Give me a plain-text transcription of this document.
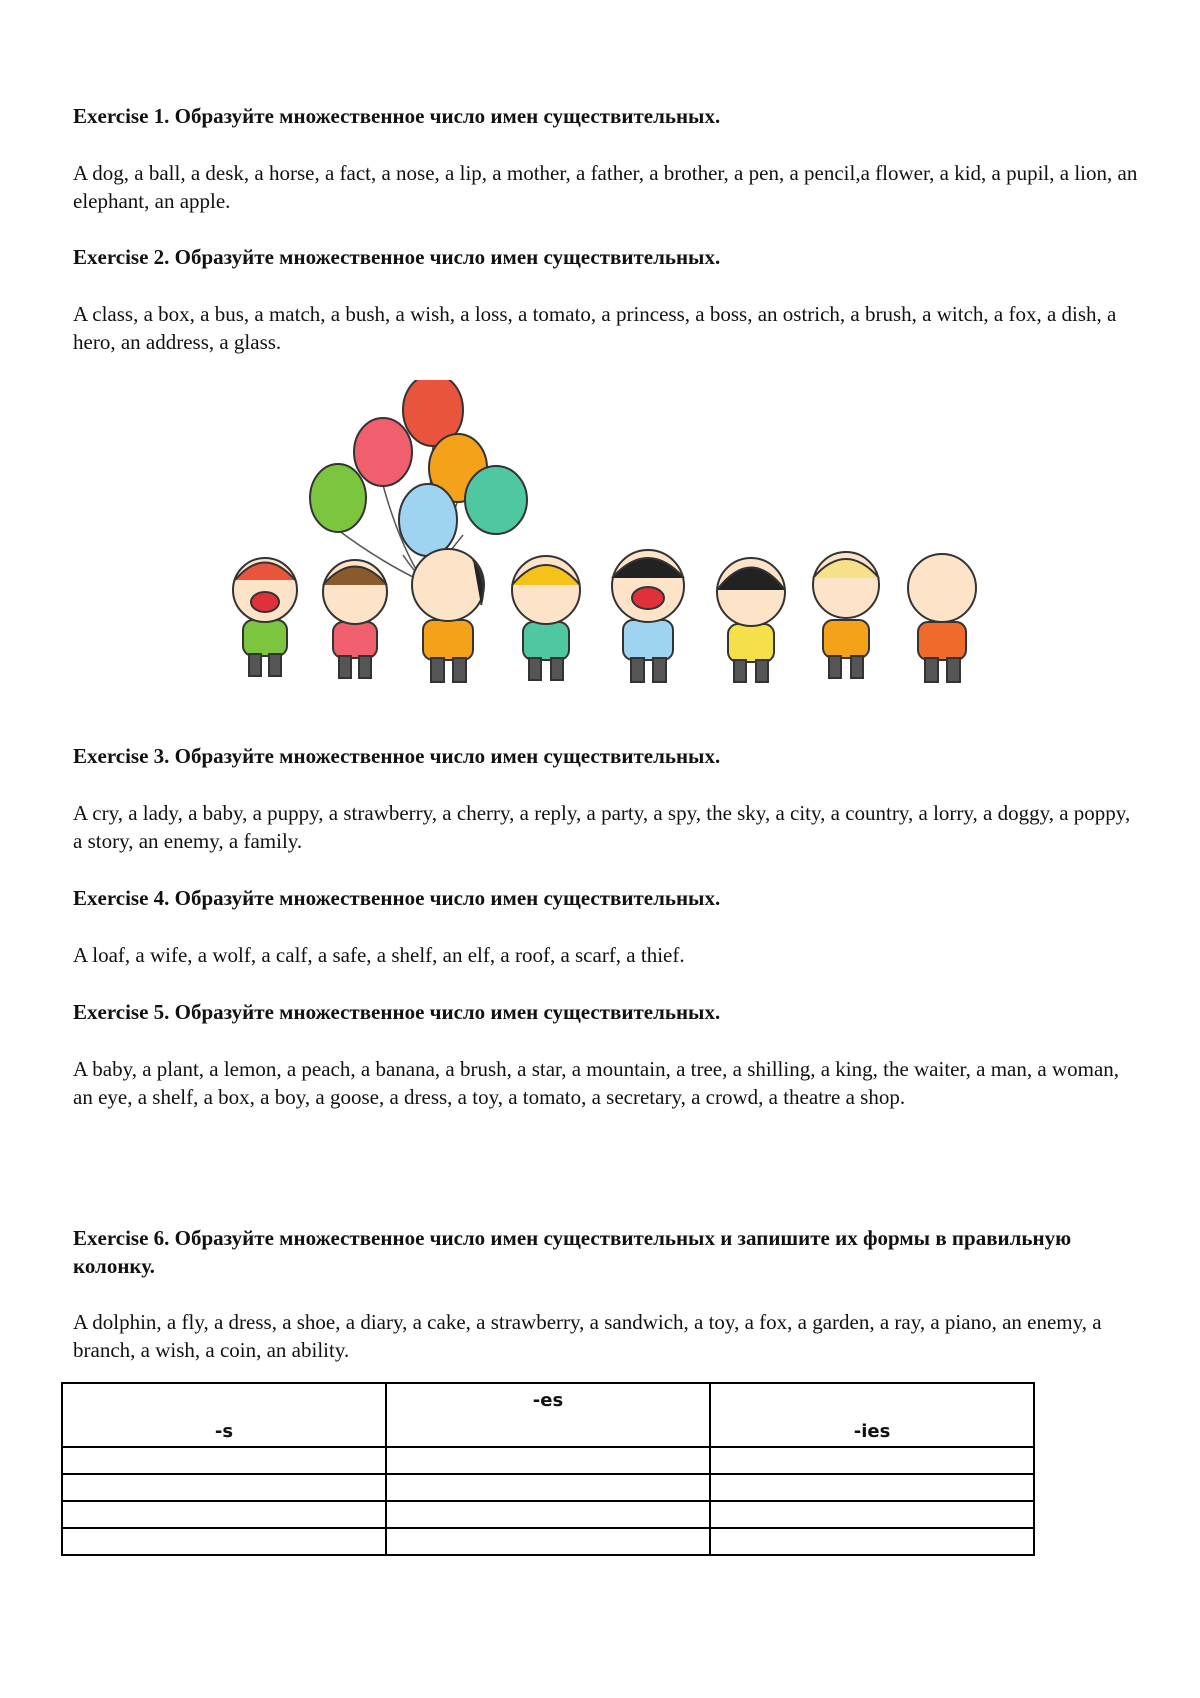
Exercise 1. Образуйте множественное число имен существительных.

A dog, a ball, a desk, a horse, a fact, a nose, a lip, a mother, a father, a brother, a pen, a pencil,a flower, a kid, a pupil, a lion, an elephant, an apple.

Exercise 2. Образуйте множественное число имен существительных.

A class, a box, a bus, a match, a bush, a wish, a loss, a tomato, a princess, a boss, an ostrich, a brush, a witch, a fox, a dish, a hero, an address, a glass.

Exercise 3. Образуйте множественное число имен существительных.

A cry, a lady, a baby, a puppy, a strawberry, a cherry, a reply, a party, a spy, the sky, a city, a country, a lorry, a doggy, a poppy, a story, an enemy, a family.

Exercise 4. Образуйте множественное число имен существительных.

A loaf, a wife, a wolf, a calf, a safe, a shelf, an elf, a roof, a scarf, a thief.

Exercise 5. Образуйте множественное число имен существительных.

A baby, a plant, a lemon, a peach, a banana, a brush, a star, a mountain, a tree, a shilling, a king, the waiter, a man, a woman, an eye, a shelf, a box, a boy, a goose, a dress, a toy, a tomato, a secretary, a crowd, a theatre a shop.

Exercise 6. Образуйте множественное число имен существительных и запишите их формы в правильную колонку.

A dolphin, a fly, a dress, a shoe, a diary, a cake, a strawberry, a sandwich, a toy, a fox, a garden, a ray, a piano, an enemy, a branch, a wish, a coin, an ability.

-s	-es	-ies
